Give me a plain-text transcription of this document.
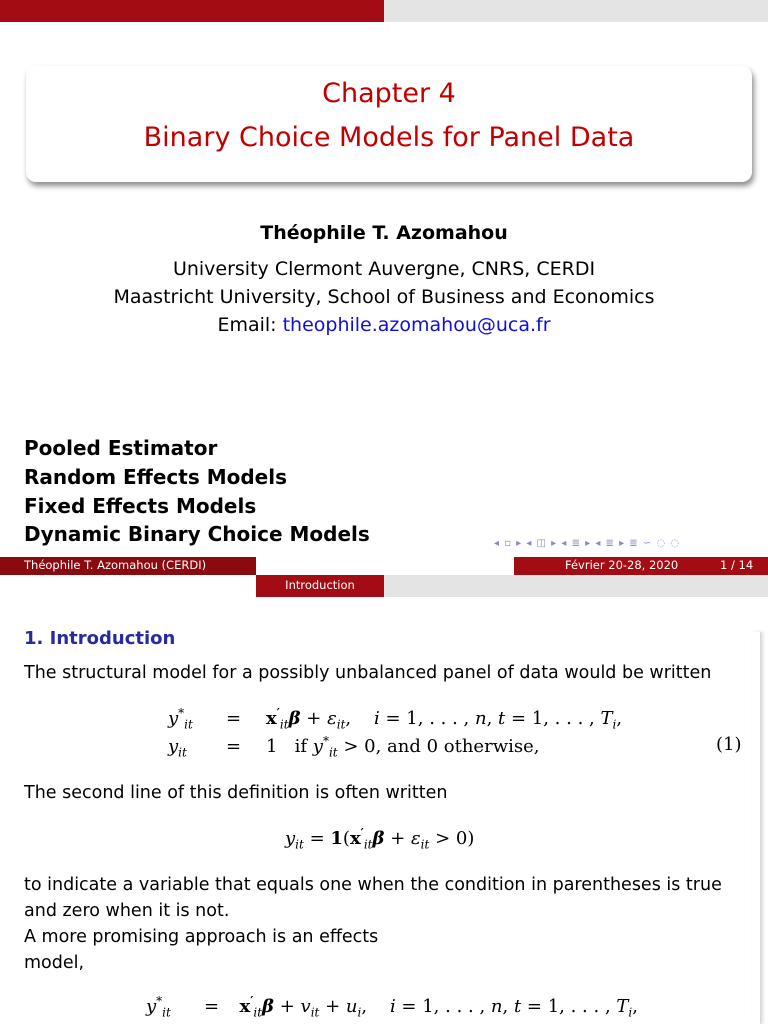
Chapter 4
Binary Choice Models for Panel Data
Théophile T. Azomahou
University Clermont Auvergne, CNRS, CERDI
Maastricht University, School of Business and Economics
Email: theophile.azomahou@uca.fr
Pooled Estimator
Random Effects Models
Fixed Effects Models
Dynamic Binary Choice Models	◂ ▫ ▸ ◂ ◫ ▸ ◂ ≣ ▸ ◂ ≣ ▸ ≣ ∽ ◌ ◌
Théophile T. Azomahou (CERDI)	Février 20-28, 2020	1 / 14
Introduction
1. Introduction
The structural model for a possibly unbalanced panel of data would be written
$y^*_{it} = x'_{it}\beta + \varepsilon_{it}$,    i = 1, . . . , n, t = 1, . . . , $T_i$,
$y_{it} = 1$   if $y^*_{it} > 0$, and 0 otherwise,	(1)
The second line of this definition is often written
$y_{it} = 1(x'_{it}\beta + \varepsilon_{it} > 0)$
to indicate a variable that equals one when the condition in parentheses is true and zero when it is not.
A more promising approach is an effects model,
$y^*_{it} = x'_{it}\beta + v_{it} + u_i$,    i = 1, . . . , n, t = 1, . . . , $T_i$,
